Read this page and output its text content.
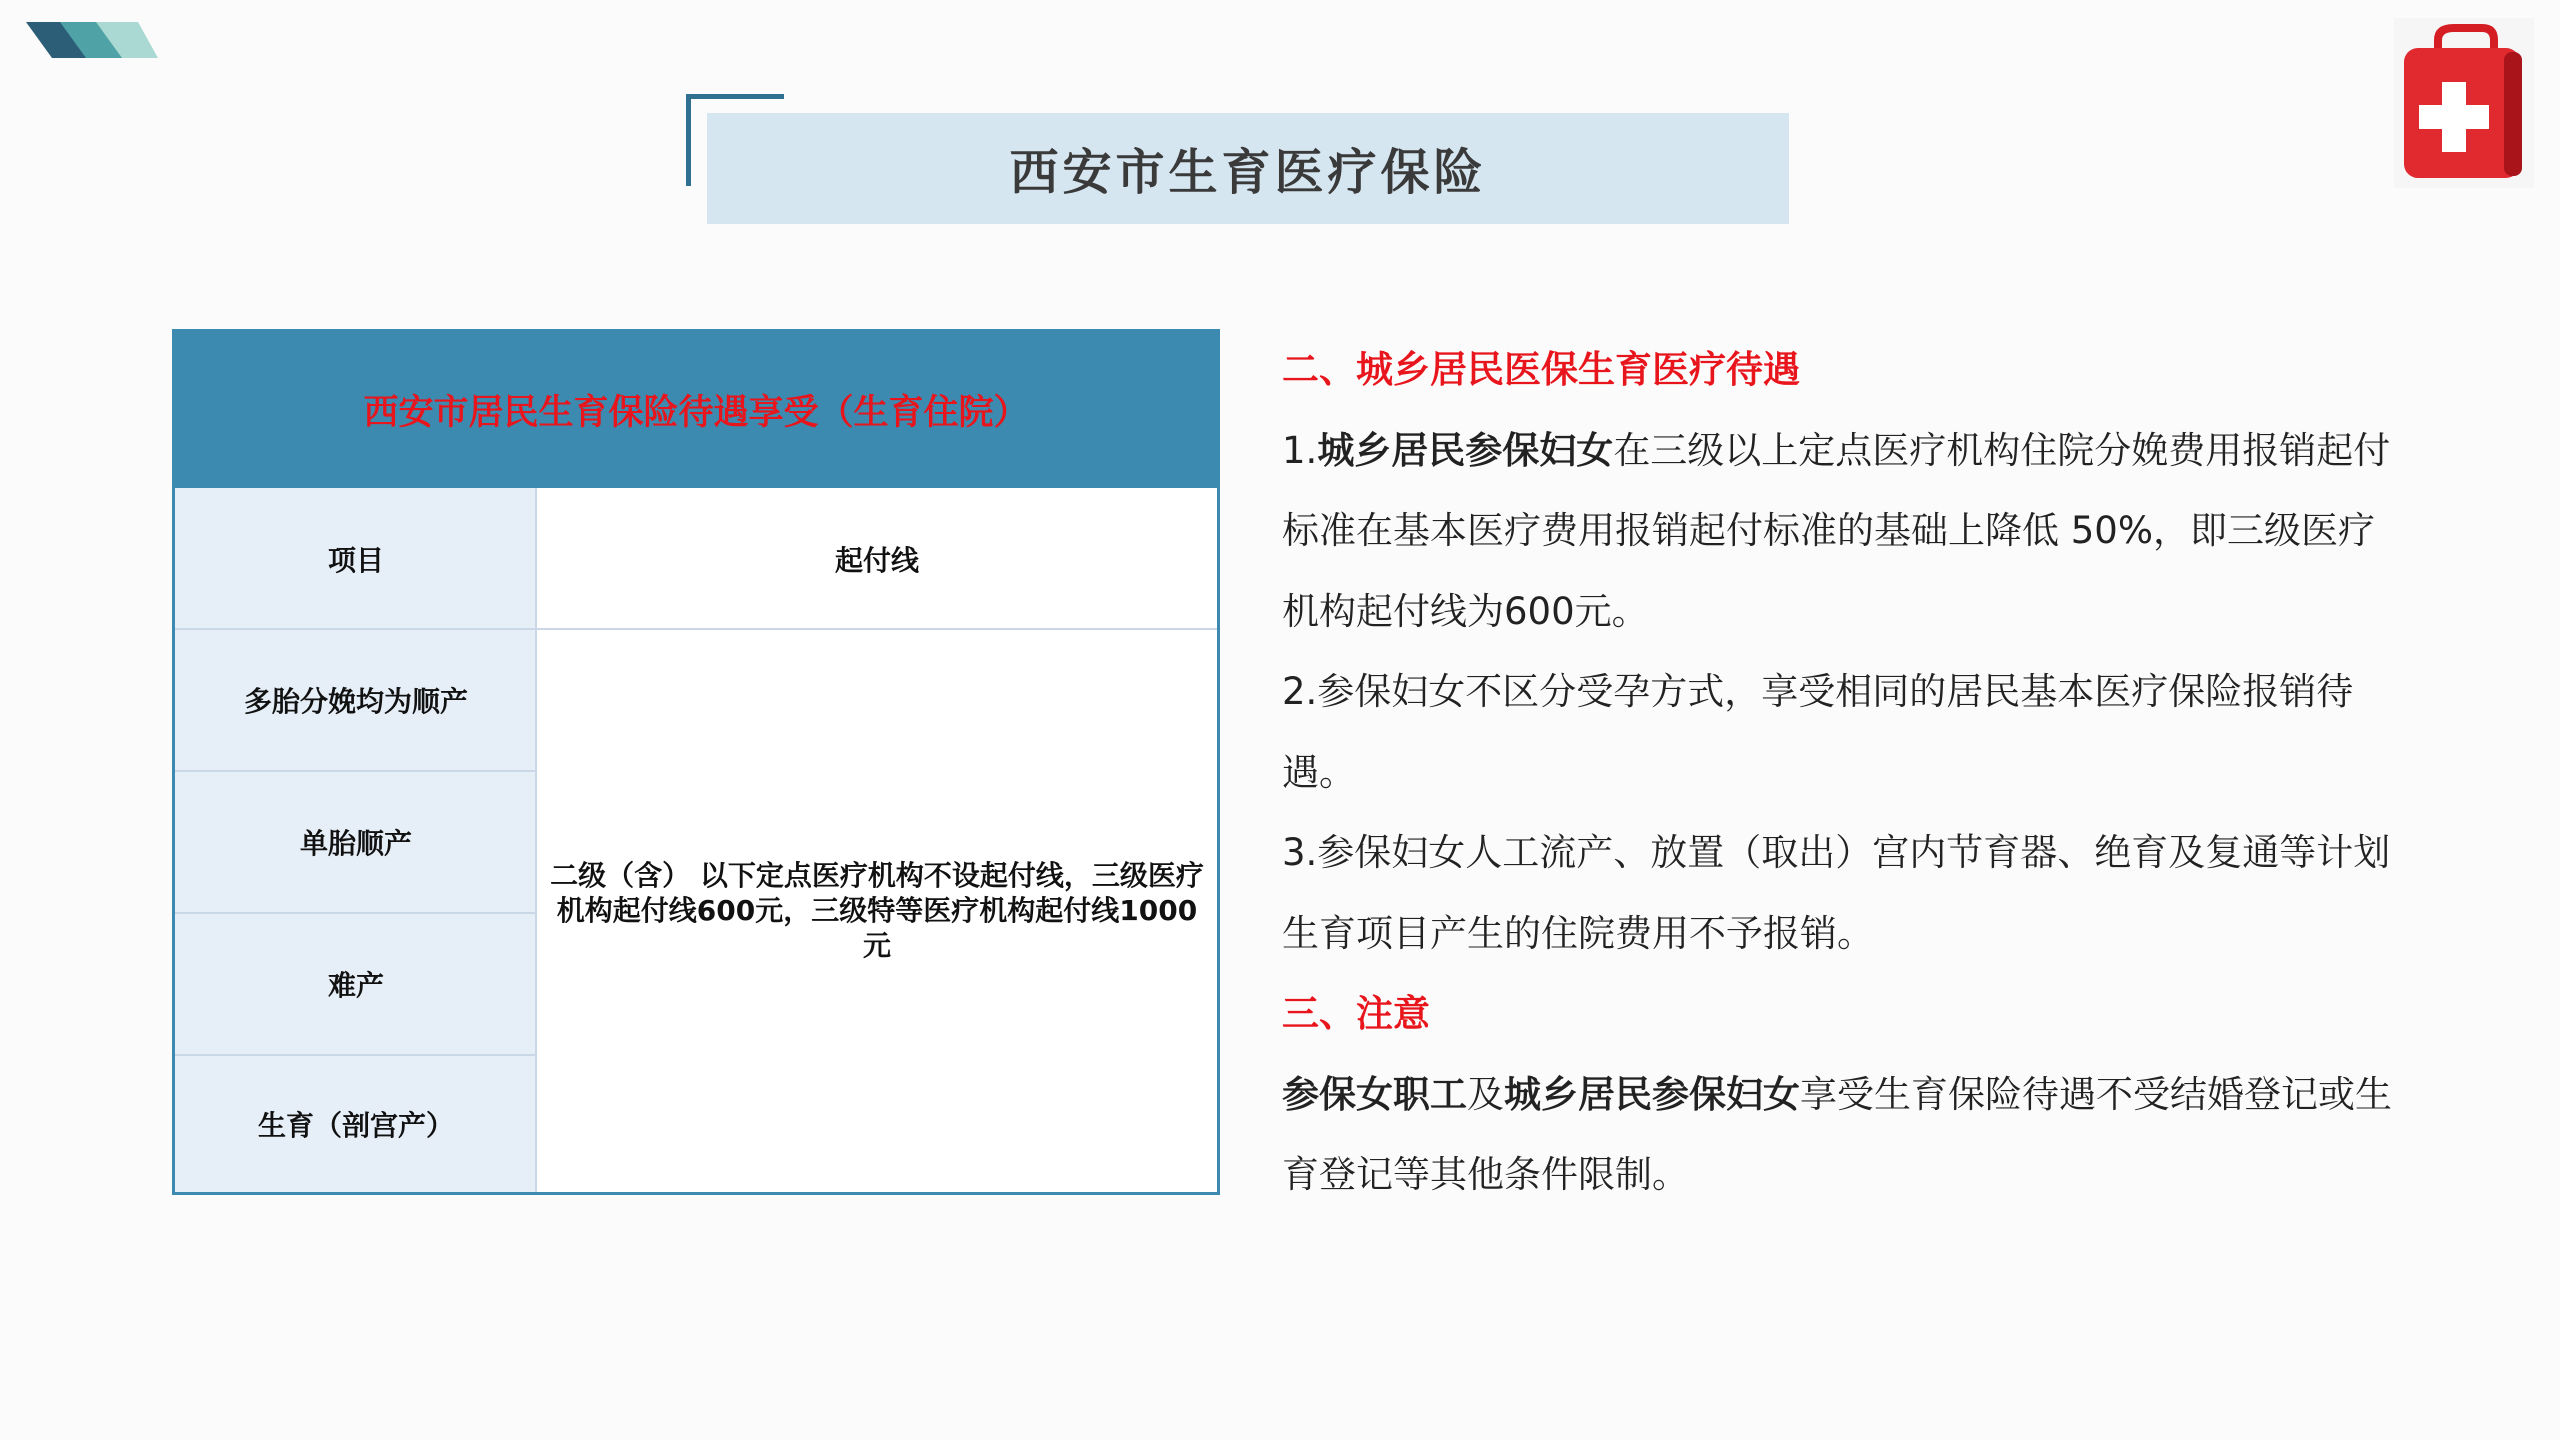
西安市生育医疗保险
西安市居民生育保险待遇享受（生育住院）
项目	起付线
多胎分娩均为顺产
单胎顺产
难产
生育（剖宫产）
二级（含） 以下定点医疗机构不设起付线，三级医疗机构起付线600元，三级特等医疗机构起付线1000元

二、城乡居民医保生育医疗待遇

1.城乡居民参保妇女在三级以上定点医疗机构住院分娩费用报销起付标准在基本医疗费用报销起付标准的基础上降低 50%，即三级医疗机构起付线为600元。

2.参保妇女不区分受孕方式，享受相同的居民基本医疗保险报销待遇。

3.参保妇女人工流产、放置（取出）宫内节育器、绝育及复通等计划生育项目产生的住院费用不予报销。

三、注意

参保女职工及城乡居民参保妇女享受生育保险待遇不受结婚登记或生育登记等其他条件限制。
